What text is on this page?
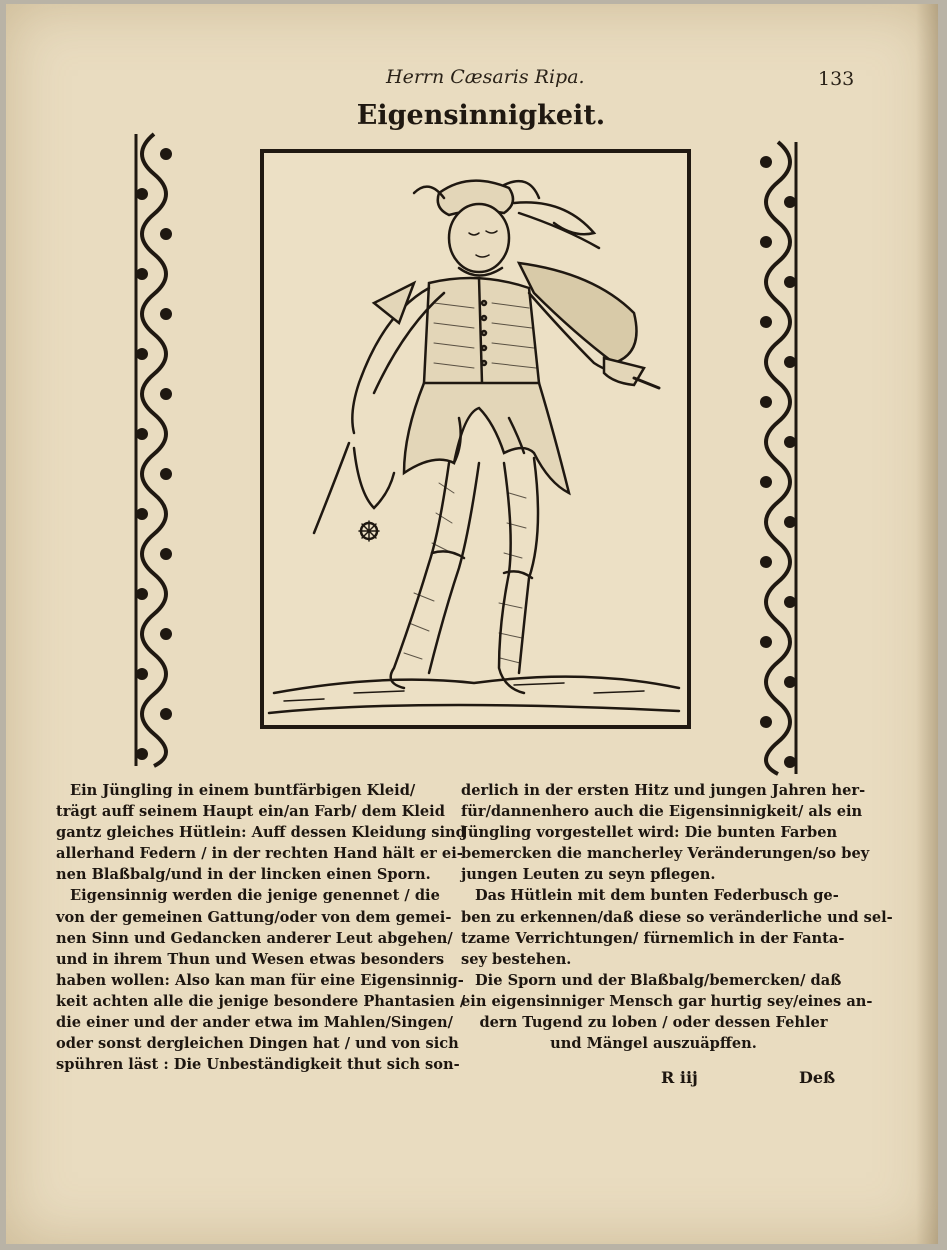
Herrn Cæsaris Ripa.	133
Eigensinnigkeit.
Ein Jüngling in einem buntfärbigen Kleid/
trägt auff seinem Haupt ein/an Farb/ dem Kleid
gantz gleiches Hütlein: Auff dessen Kleidung sind
allerhand Federn / in der rechten Hand hält er ei-
nen Blaßbalg/und in der lincken einen Sporn.
Eigensinnig werden die jenige genennet / die
von der gemeinen Gattung/oder von dem gemei-
nen Sinn und Gedancken anderer Leut abgehen/
und in ihrem Thun und Wesen etwas besonders
haben wollen: Also kan man für eine Eigensinnig-
keit achten alle die jenige besondere Phantasien /
die einer und der ander etwa im Mahlen/Singen/
oder sonst dergleichen Dingen hat / und von sich
spühren läst : Die Unbeständigkeit thut sich son-
derlich in der ersten Hitz und jungen Jahren her-
für/dannenhero auch die Eigensinnigkeit/ als ein
Jüngling vorgestellet wird: Die bunten Farben
bemercken die mancherley Veränderungen/so bey
jungen Leuten zu seyn pflegen.
Das Hütlein mit dem bunten Federbusch ge-
ben zu erkennen/daß diese so veränderliche und sel-
tzame Verrichtungen/ fürnemlich in der Fanta-
sey bestehen.
Die Sporn und der Blaßbalg/bemercken/ daß
ein eigensinniger Mensch gar hurtig sey/eines an-
dern Tugend zu loben / oder dessen Fehler
und Mängel auszuäpffen.
R iij	Deß
